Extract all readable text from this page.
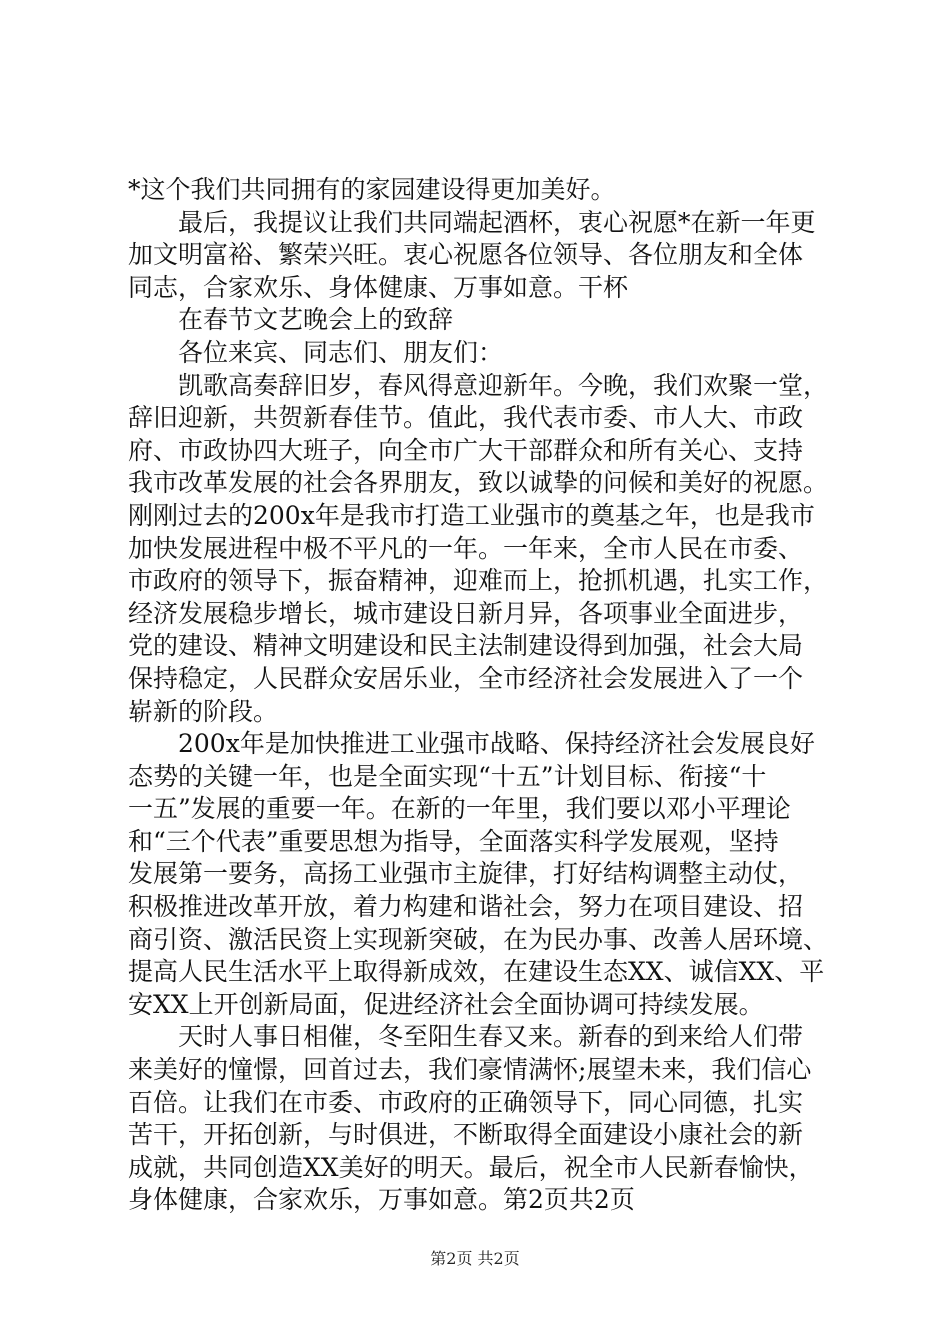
*这个我们共同拥有的家园建设得更加美好。
最后，我提议让我们共同端起酒杯，衷心祝愿*在新一年更
加文明富裕、繁荣兴旺。衷心祝愿各位领导、各位朋友和全体
同志，合家欢乐、身体健康、万事如意。干杯
在春节文艺晚会上的致辞
各位来宾、同志们、朋友们：
凯歌高奏辞旧岁，春风得意迎新年。今晚，我们欢聚一堂，
辞旧迎新，共贺新春佳节。值此，我代表市委、市人大、市政
府、市政协四大班子，向全市广大干部群众和所有关心、支持
我市改革发展的社会各界朋友，致以诚挚的问候和美好的祝愿。
刚刚过去的200x年是我市打造工业强市的奠基之年，也是我市
加快发展进程中极不平凡的一年。一年来，全市人民在市委、
市政府的领导下，振奋精神，迎难而上，抢抓机遇，扎实工作，
经济发展稳步增长，城市建设日新月异，各项事业全面进步，
党的建设、精神文明建设和民主法制建设得到加强，社会大局
保持稳定，人民群众安居乐业，全市经济社会发展进入了一个
崭新的阶段。
200x年是加快推进工业强市战略、保持经济社会发展良好
态势的关键一年，也是全面实现“十五”计划目标、衔接“十
一五”发展的重要一年。在新的一年里，我们要以邓小平理论
和“三个代表”重要思想为指导，全面落实科学发展观，坚持
发展第一要务，高扬工业强市主旋律，打好结构调整主动仗，
积极推进改革开放，着力构建和谐社会，努力在项目建设、招
商引资、激活民资上实现新突破，在为民办事、改善人居环境、
提高人民生活水平上取得新成效，在建设生态XX、诚信XX、平
安XX上开创新局面，促进经济社会全面协调可持续发展。
天时人事日相催，冬至阳生春又来。新春的到来给人们带
来美好的憧憬，回首过去，我们豪情满怀;展望未来，我们信心
百倍。让我们在市委、市政府的正确领导下，同心同德，扎实
苦干，开拓创新，与时俱进，不断取得全面建设小康社会的新
成就，共同创造XX美好的明天。最后，祝全市人民新春愉快，
身体健康，合家欢乐，万事如意。第2页共2页
第2页 共2页
